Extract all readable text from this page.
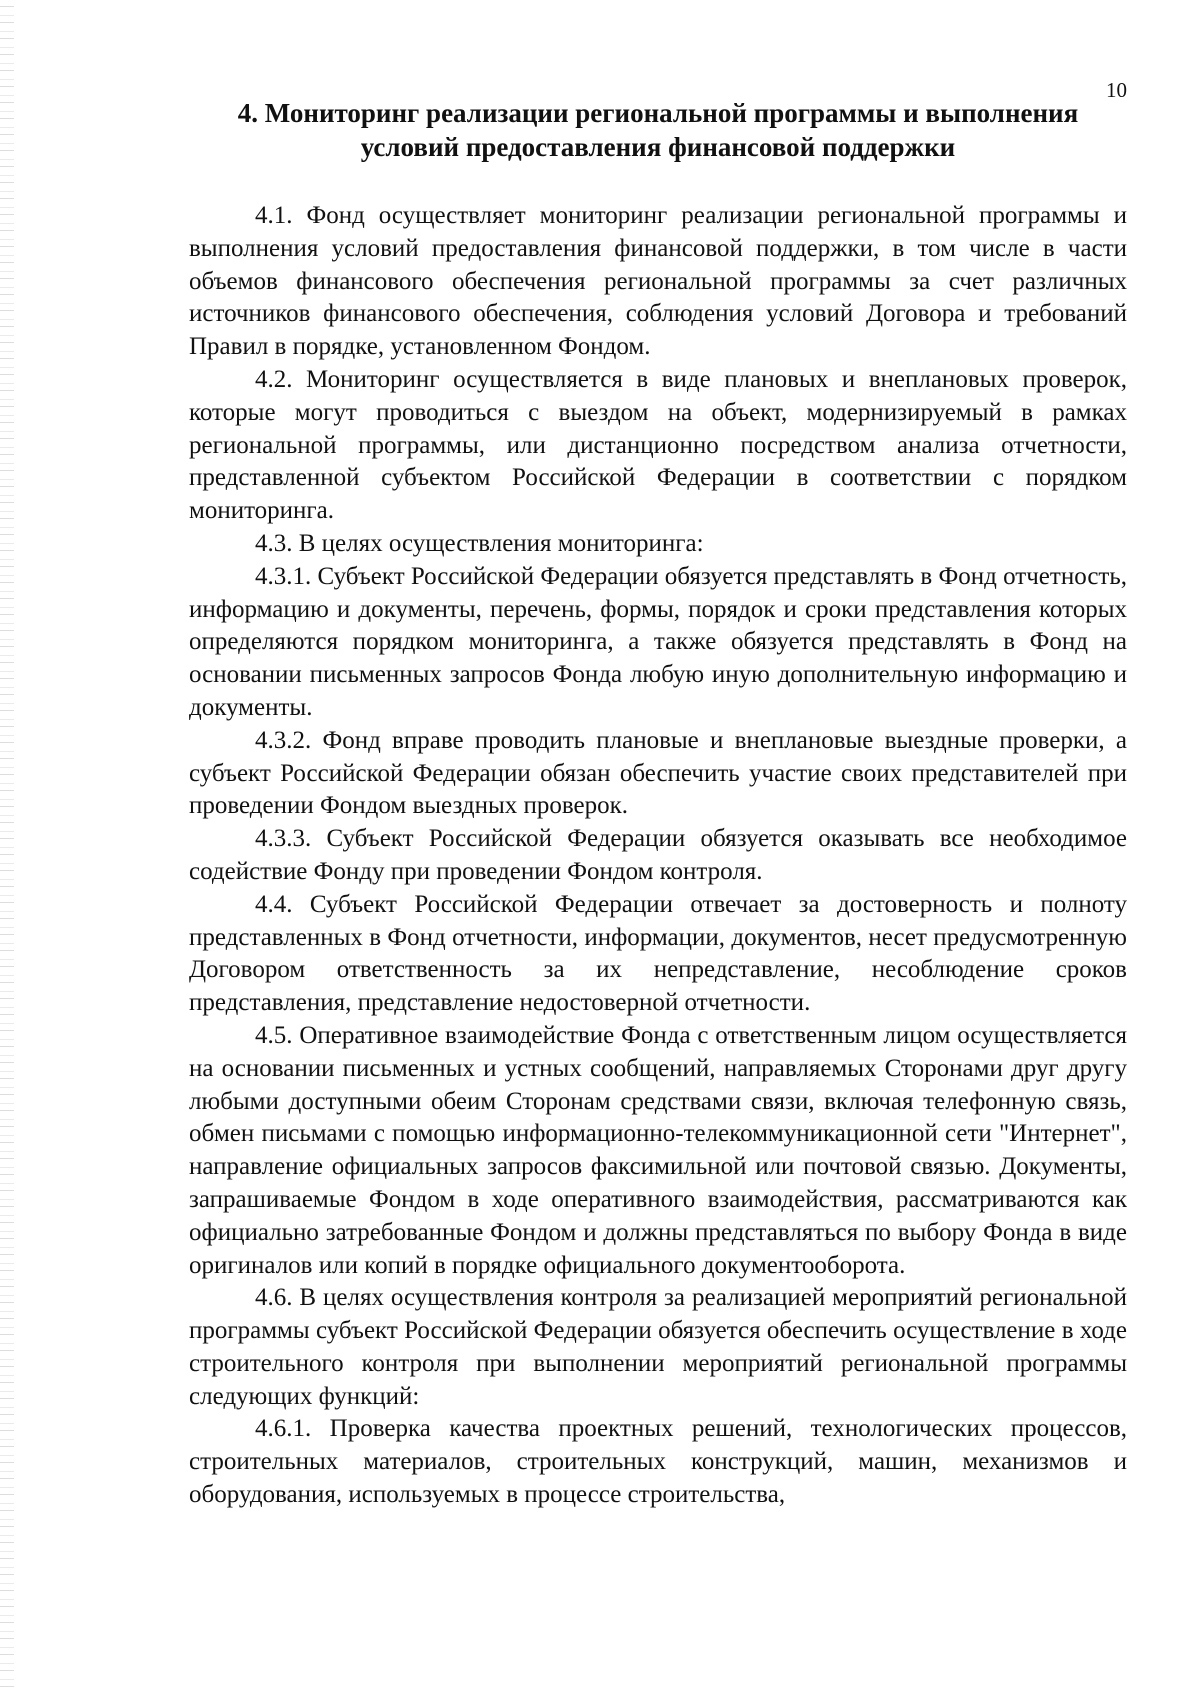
10
4. Мониторинг реализации региональной программы и выполнения
условий предоставления финансовой поддержки

4.1. Фонд осуществляет мониторинг реализации региональной программы и выполнения условий предоставления финансовой поддержки, в том числе в части объемов финансового обеспечения региональной программы за счет различных источников финансового обеспечения, соблюдения условий Договора и требований Правил в порядке, установленном Фондом.

4.2. Мониторинг осуществляется в виде плановых и внеплановых проверок, которые могут проводиться с выездом на объект, модернизируемый в рамках региональной программы, или дистанционно посредством анализа отчетности, представленной субъектом Российской Федерации в соответствии с порядком мониторинга.

4.3. В целях осуществления мониторинга:

4.3.1. Субъект Российской Федерации обязуется представлять в Фонд отчетность, информацию и документы, перечень, формы, порядок и сроки представления которых определяются порядком мониторинга, а также обязуется представлять в Фонд на основании письменных запросов Фонда любую иную дополнительную информацию и документы.

4.3.2. Фонд вправе проводить плановые и внеплановые выездные проверки, а субъект Российской Федерации обязан обеспечить участие своих представителей при проведении Фондом выездных проверок.

4.3.3. Субъект Российской Федерации обязуется оказывать все необходимое содействие Фонду при проведении Фондом контроля.

4.4. Субъект Российской Федерации отвечает за достоверность и полноту представленных в Фонд отчетности, информации, документов, несет предусмотренную Договором ответственность за их непредставление, несоблюдение сроков представления, представление недостоверной отчетности.

4.5. Оперативное взаимодействие Фонда с ответственным лицом осуществляется на основании письменных и устных сообщений, направляемых Сторонами друг другу любыми доступными обеим Сторонам средствами связи, включая телефонную связь, обмен письмами с помощью информационно-телекоммуникационной сети "Интернет", направление официальных запросов факсимильной или почтовой связью. Документы, запрашиваемые Фондом в ходе оперативного взаимодействия, рассматриваются как официально затребованные Фондом и должны представляться по выбору Фонда в виде оригиналов или копий в порядке официального документооборота.

4.6. В целях осуществления контроля за реализацией мероприятий региональной программы субъект Российской Федерации обязуется обеспечить осуществление в ходе строительного контроля при выполнении мероприятий региональной программы следующих функций:

4.6.1. Проверка качества проектных решений, технологических процессов, строительных материалов, строительных конструкций, машин, механизмов и оборудования, используемых в процессе строительства,
